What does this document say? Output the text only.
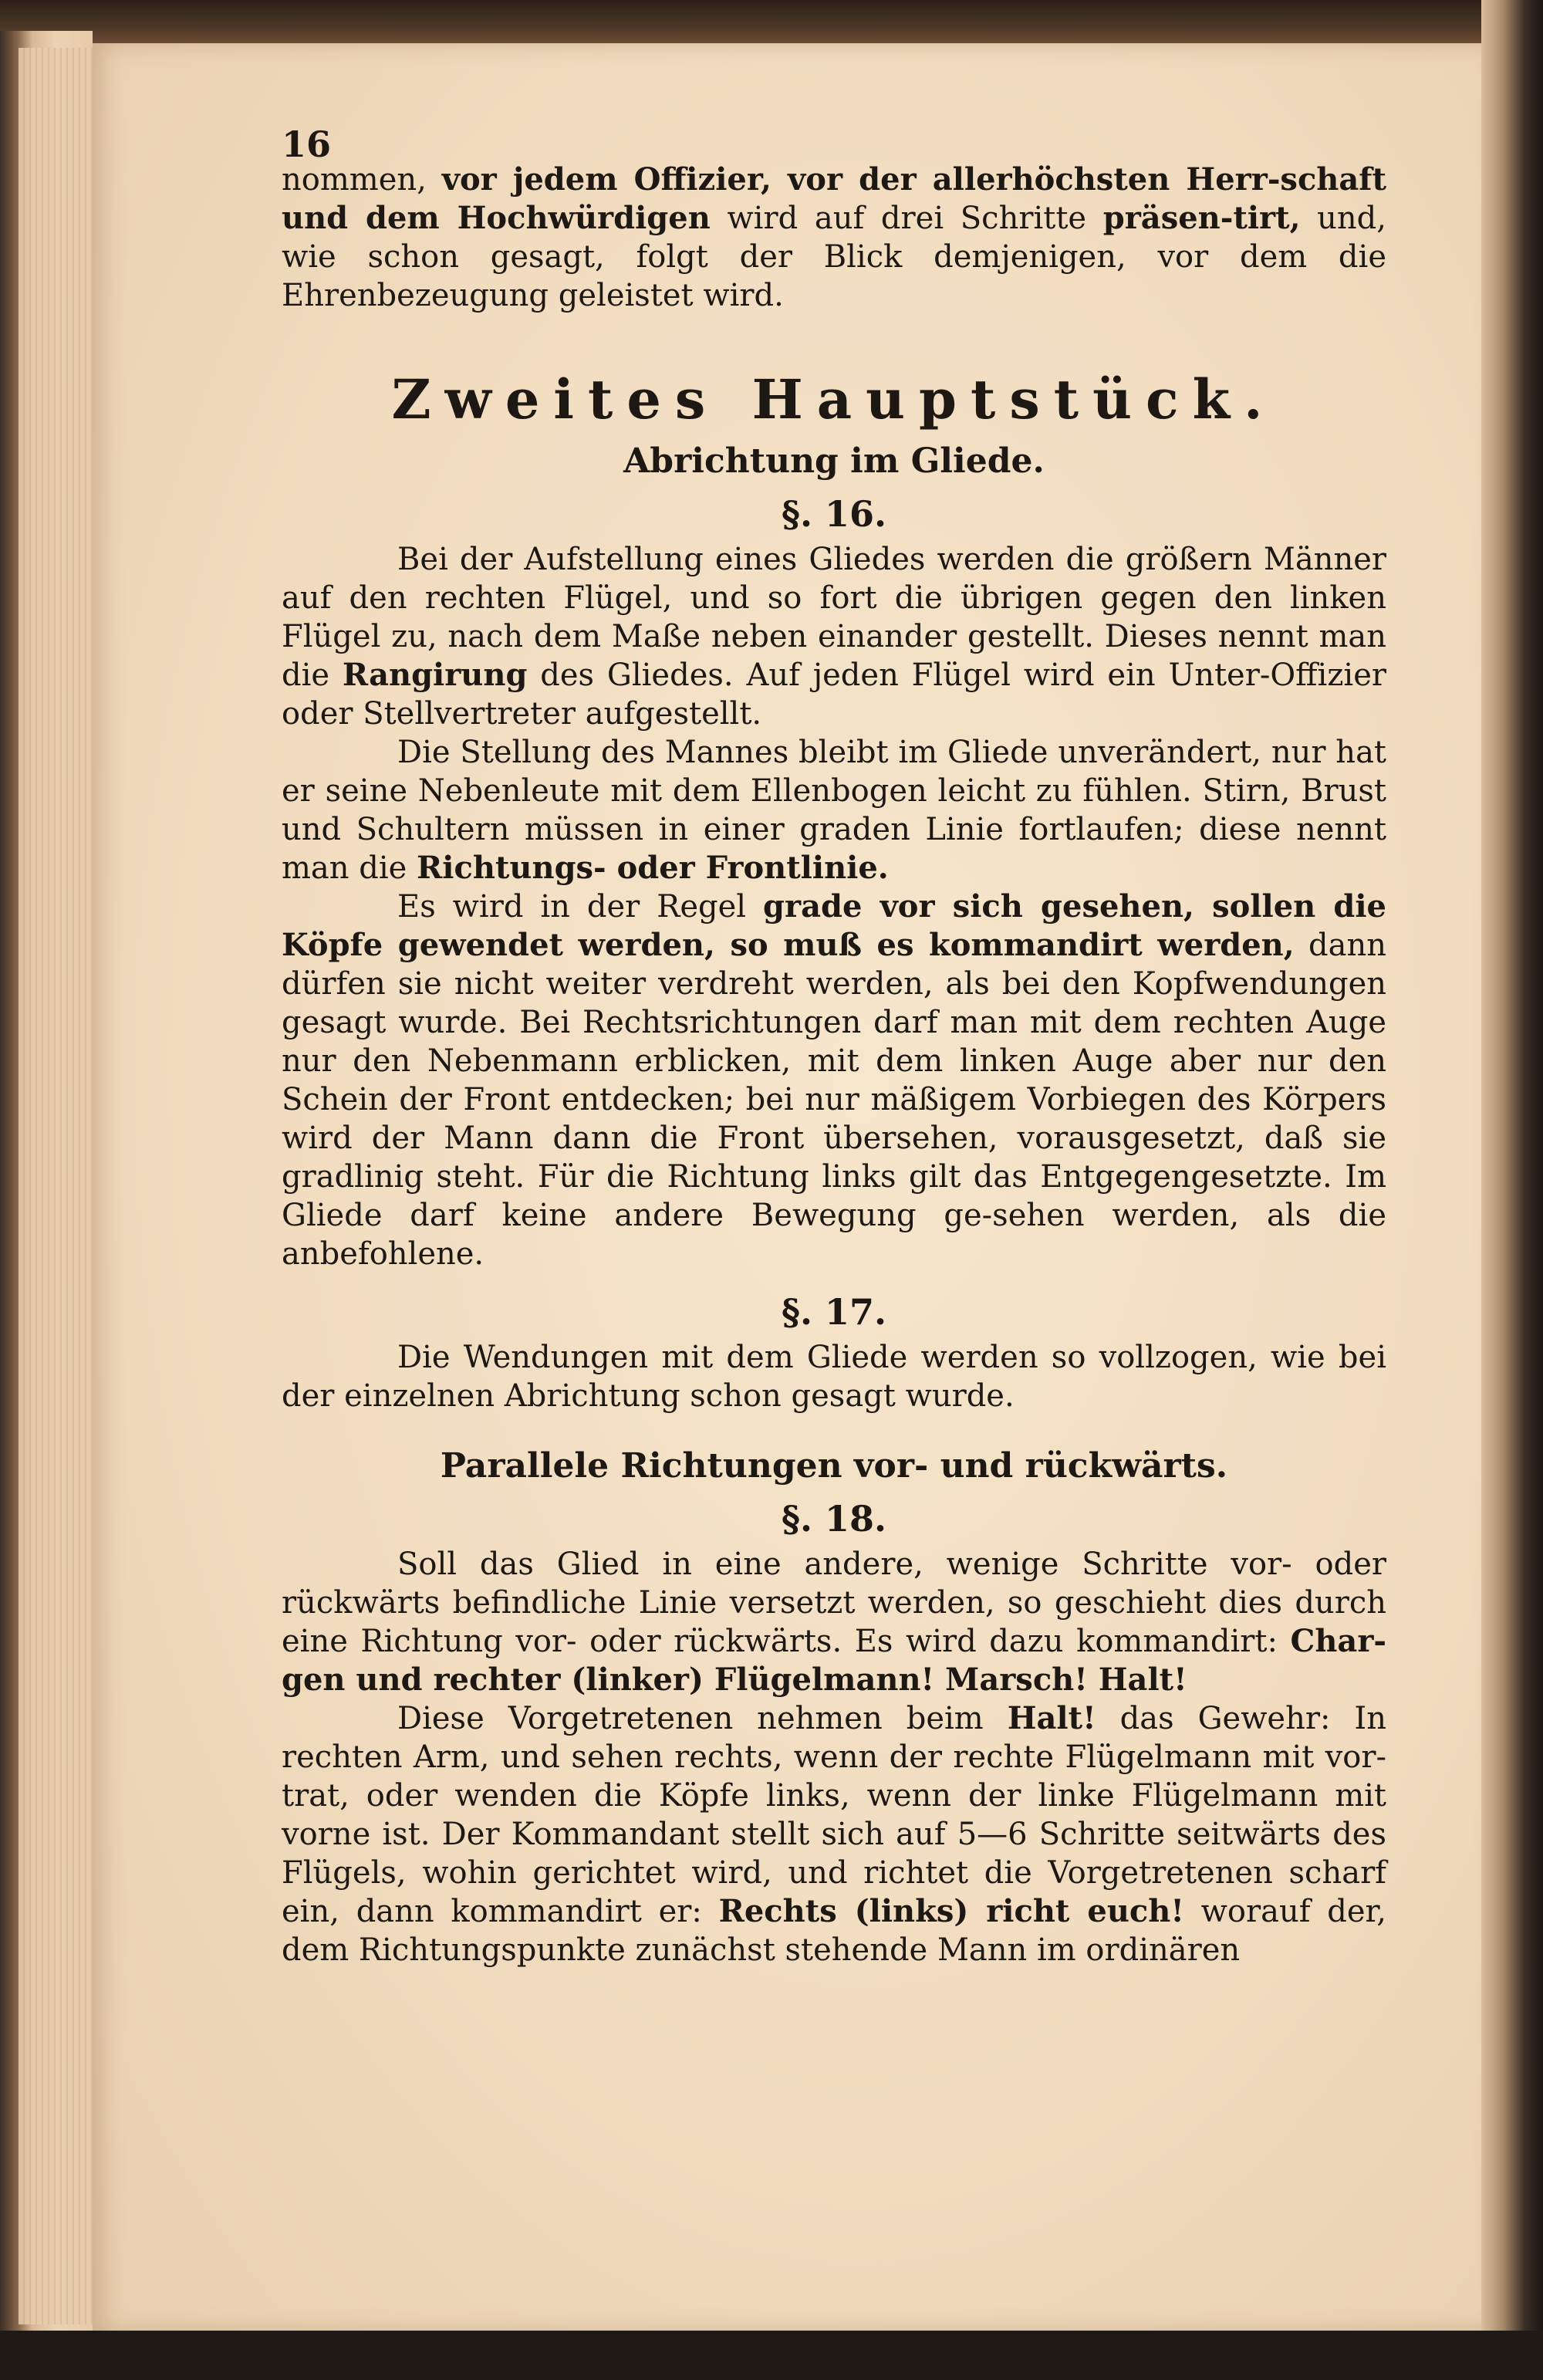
16

nommen, vor jedem Offizier, vor der allerhöchsten Herr-schaft und dem Hochwürdigen wird auf drei Schritte präsen-tirt, und, wie schon gesagt, folgt der Blick demjenigen, vor dem die Ehrenbezeugung geleistet wird.

Zweites Hauptstück.
Abrichtung im Gliede.
§. 16.

Bei der Aufstellung eines Gliedes werden die größern Männer auf den rechten Flügel, und so fort die übrigen gegen den linken Flügel zu, nach dem Maße neben einander gestellt. Dieses nennt man die Rangirung des Gliedes. Auf jeden Flügel wird ein Unter-Offizier oder Stellvertreter aufgestellt.

Die Stellung des Mannes bleibt im Gliede unverändert, nur hat er seine Nebenleute mit dem Ellenbogen leicht zu fühlen. Stirn, Brust und Schultern müssen in einer graden Linie fortlaufen; diese nennt man die Richtungs- oder Frontlinie.

Es wird in der Regel grade vor sich gesehen, sollen die Köpfe gewendet werden, so muß es kommandirt werden, dann dürfen sie nicht weiter verdreht werden, als bei den Kopfwendungen gesagt wurde. Bei Rechtsrichtungen darf man mit dem rechten Auge nur den Nebenmann erblicken, mit dem linken Auge aber nur den Schein der Front entdecken; bei nur mäßigem Vorbiegen des Körpers wird der Mann dann die Front übersehen, vorausgesetzt, daß sie gradlinig steht. Für die Richtung links gilt das Entgegengesetzte. Im Gliede darf keine andere Bewegung ge-sehen werden, als die anbefohlene.

§. 17.

Die Wendungen mit dem Gliede werden so vollzogen, wie bei der einzelnen Abrichtung schon gesagt wurde.

Parallele Richtungen vor- und rückwärts.
§. 18.

Soll das Glied in eine andere, wenige Schritte vor- oder rückwärts befindliche Linie versetzt werden, so geschieht dies durch eine Richtung vor- oder rückwärts. Es wird dazu kommandirt: Char-gen und rechter (linker) Flügelmann! Marsch! Halt!

Diese Vorgetretenen nehmen beim Halt! das Gewehr: In rechten Arm, und sehen rechts, wenn der rechte Flügelmann mit vor-trat, oder wenden die Köpfe links, wenn der linke Flügelmann mit vorne ist. Der Kommandant stellt sich auf 5—6 Schritte seitwärts des Flügels, wohin gerichtet wird, und richtet die Vorgetretenen scharf ein, dann kommandirt er: Rechts (links) richt euch! worauf der, dem Richtungspunkte zunächst stehende Mann im ordinären
